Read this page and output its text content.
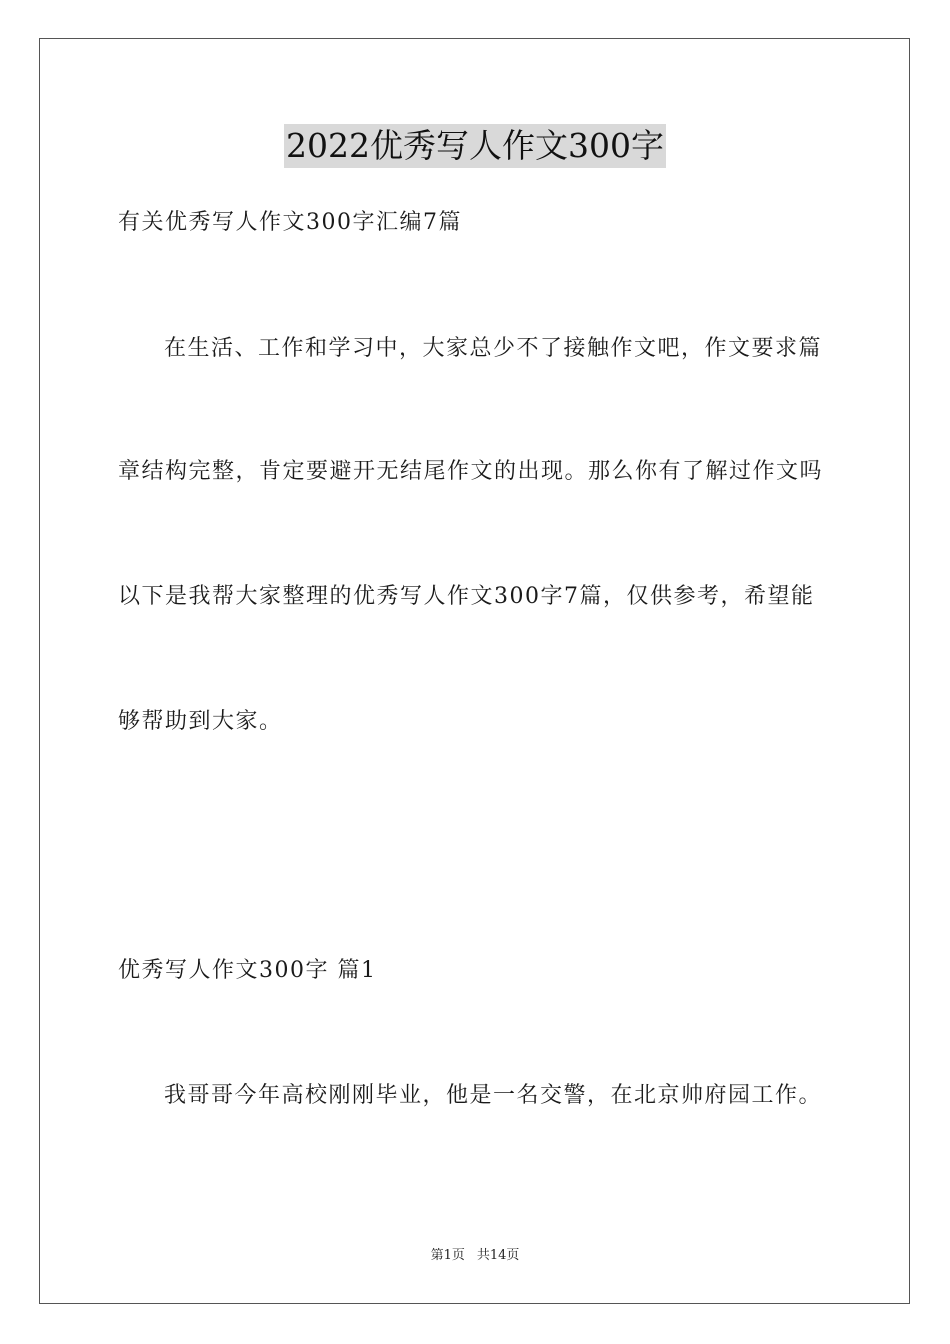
2022优秀写人作文300字
有关优秀写人作文300字汇编7篇
在生活、工作和学习中，大家总少不了接触作文吧，作文要求篇
章结构完整，肯定要避开无结尾作文的出现。那么你有了解过作文吗
以下是我帮大家整理的优秀写人作文300字7篇，仅供参考，希望能
够帮助到大家。
优秀写人作文300字 篇1
我哥哥今年高校刚刚毕业，他是一名交警，在北京帅府园工作。
第1页 共14页
